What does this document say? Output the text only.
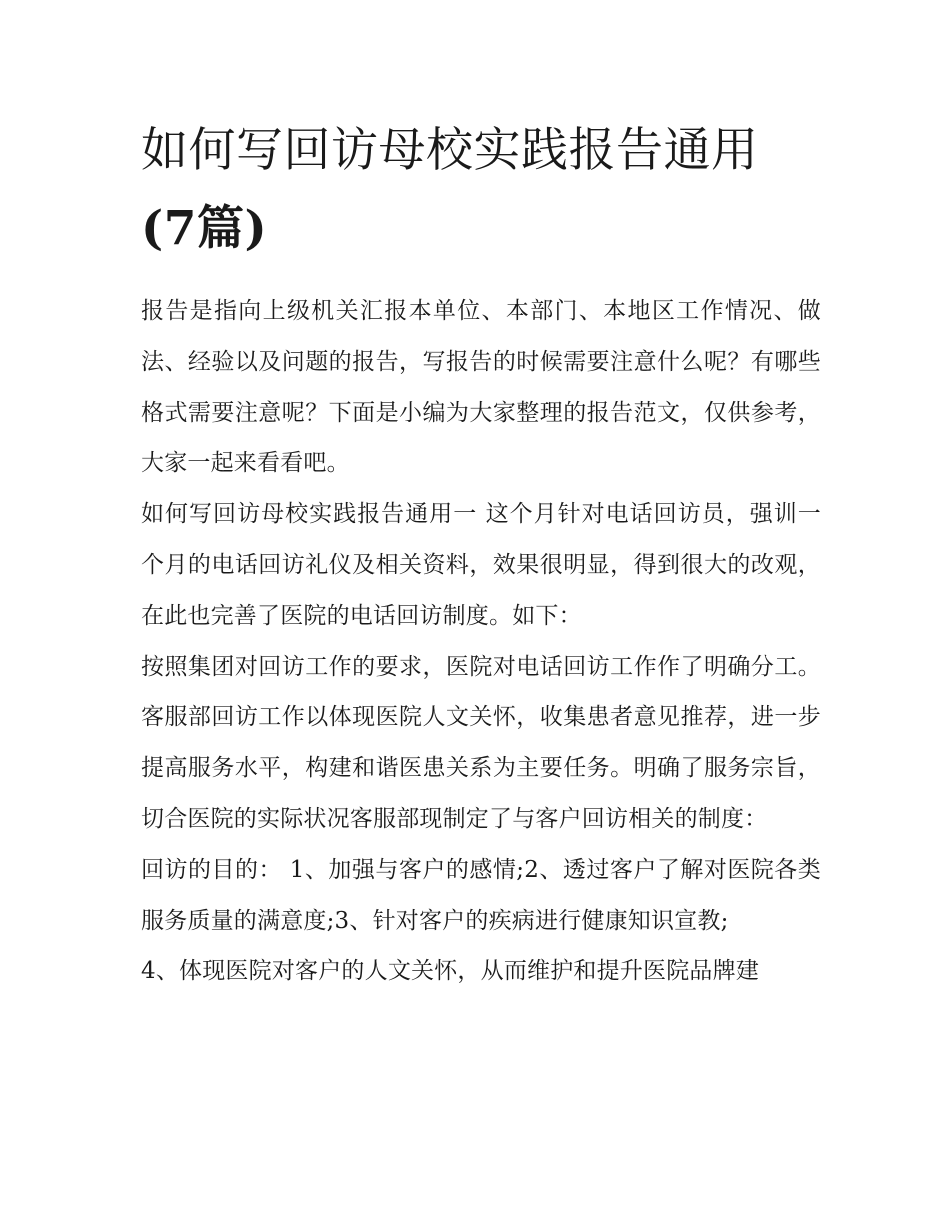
如何写回访母校实践报告通用
(7篇)

报告是指向上级机关汇报本单位、本部门、本地区工作情况、做法、经验以及问题的报告，写报告的时候需要注意什么呢？有哪些格式需要注意呢？下面是小编为大家整理的报告范文，仅供参考，大家一起来看看吧。

如何写回访母校实践报告通用一 这个月针对电话回访员，强训一个月的电话回访礼仪及相关资料，效果很明显，得到很大的改观，在此也完善了医院的电话回访制度。如下：

按照集团对回访工作的要求，医院对电话回访工作作了明确分工。客服部回访工作以体现医院人文关怀，收集患者意见推荐，进一步提高服务水平，构建和谐医患关系为主要任务。明确了服务宗旨，切合医院的实际状况客服部现制定了与客户回访相关的制度：

回访的目的： 1、加强与客户的感情;2、透过客户了解对医院各类服务质量的满意度;3、针对客户的疾病进行健康知识宣教;

4、体现医院对客户的人文关怀，从而维护和提升医院品牌建
